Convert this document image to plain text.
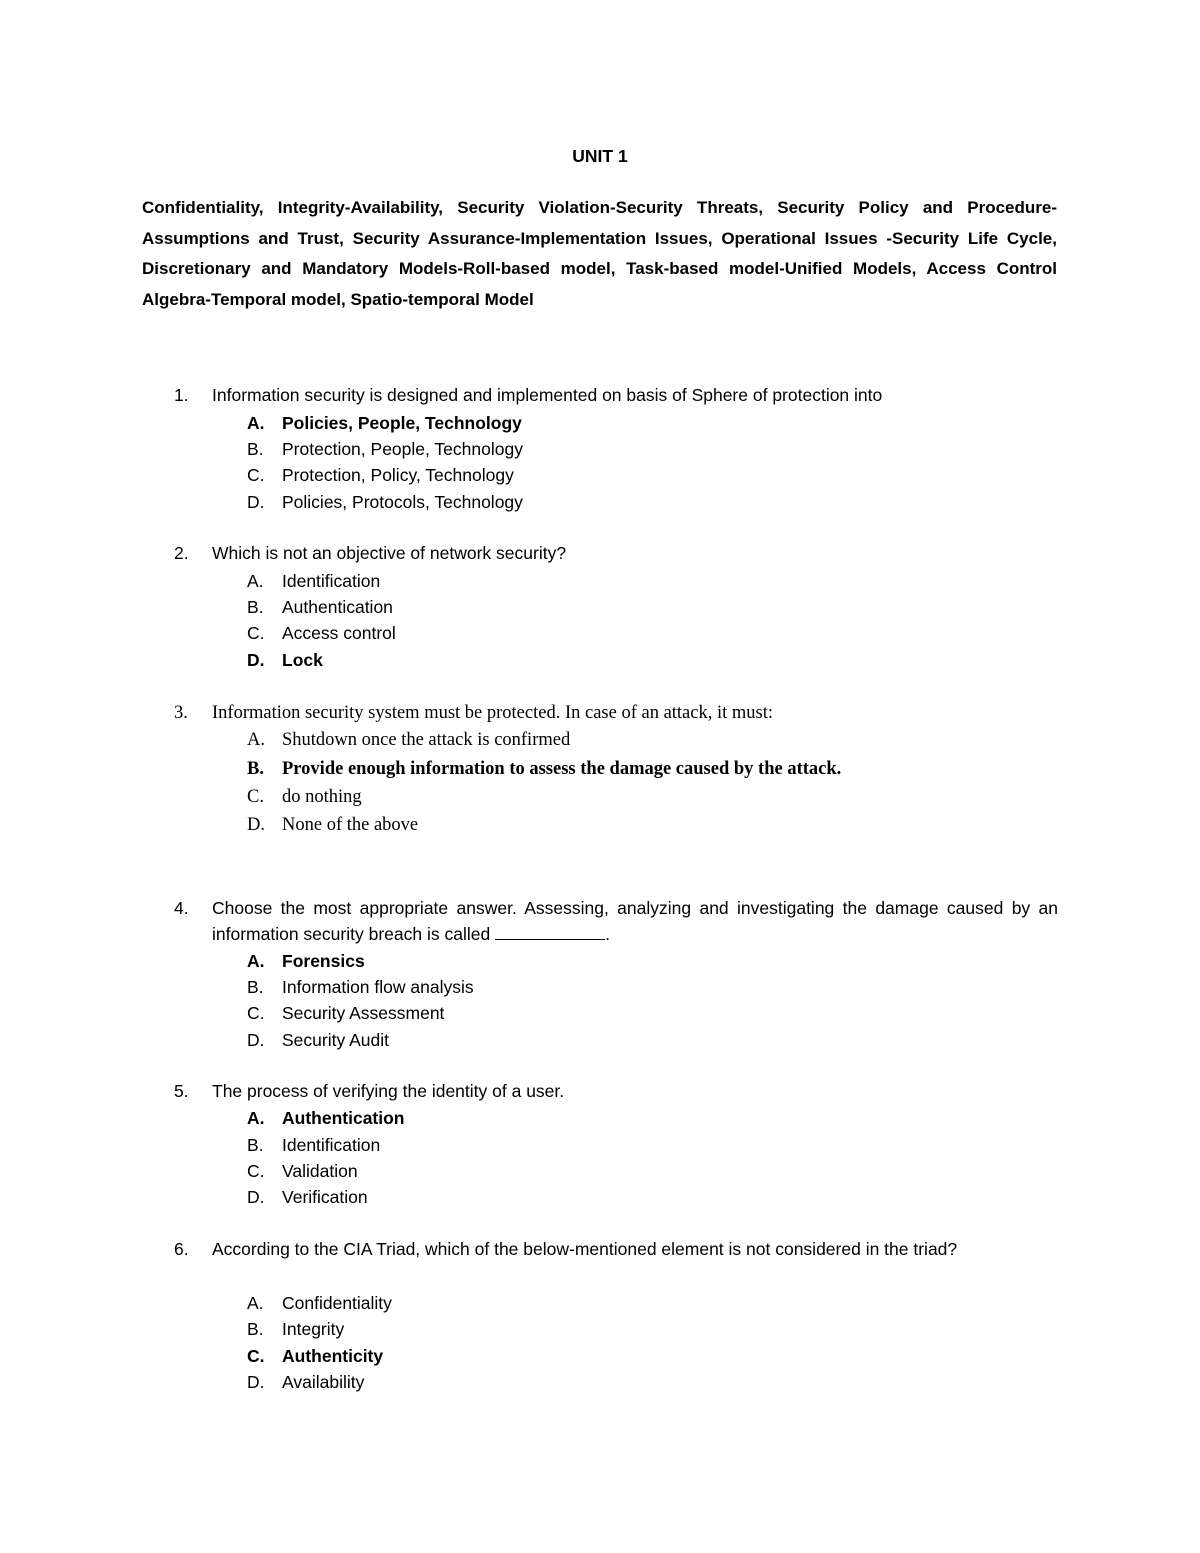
UNIT 1
Confidentiality, Integrity-Availability, Security Violation-Security Threats, Security Policy and Procedure-Assumptions and Trust, Security Assurance-Implementation Issues, Operational Issues -Security Life Cycle, Discretionary and Mandatory Models-Roll-based model, Task-based model-Unified Models, Access Control Algebra-Temporal model, Spatio-temporal Model
1.	Information security is designed and implemented on basis of Sphere of protection into
A. Policies, People, Technology
B. Protection, People, Technology
C. Protection, Policy, Technology
D. Policies, Protocols, Technology
2.	Which is not an objective of network security?
A. Identification
B. Authentication
C. Access control
D. Lock
3.	Information security system must be protected. In case of an attack, it must:
A. Shutdown once the attack is confirmed
B. Provide enough information to assess the damage caused by the attack.
C. do nothing
D. None of the above
4.	Choose the most appropriate answer. Assessing, analyzing and investigating the damage caused by an information security breach is called	.
A. Forensics
B. Information flow analysis
C. Security Assessment
D. Security Audit
5.	The process of verifying the identity of a user.
A. Authentication
B. Identification
C. Validation
D. Verification
6.	According to the CIA Triad, which of the below-mentioned element is not considered in the triad?
A. Confidentiality
B. Integrity
C. Authenticity
D. Availability
